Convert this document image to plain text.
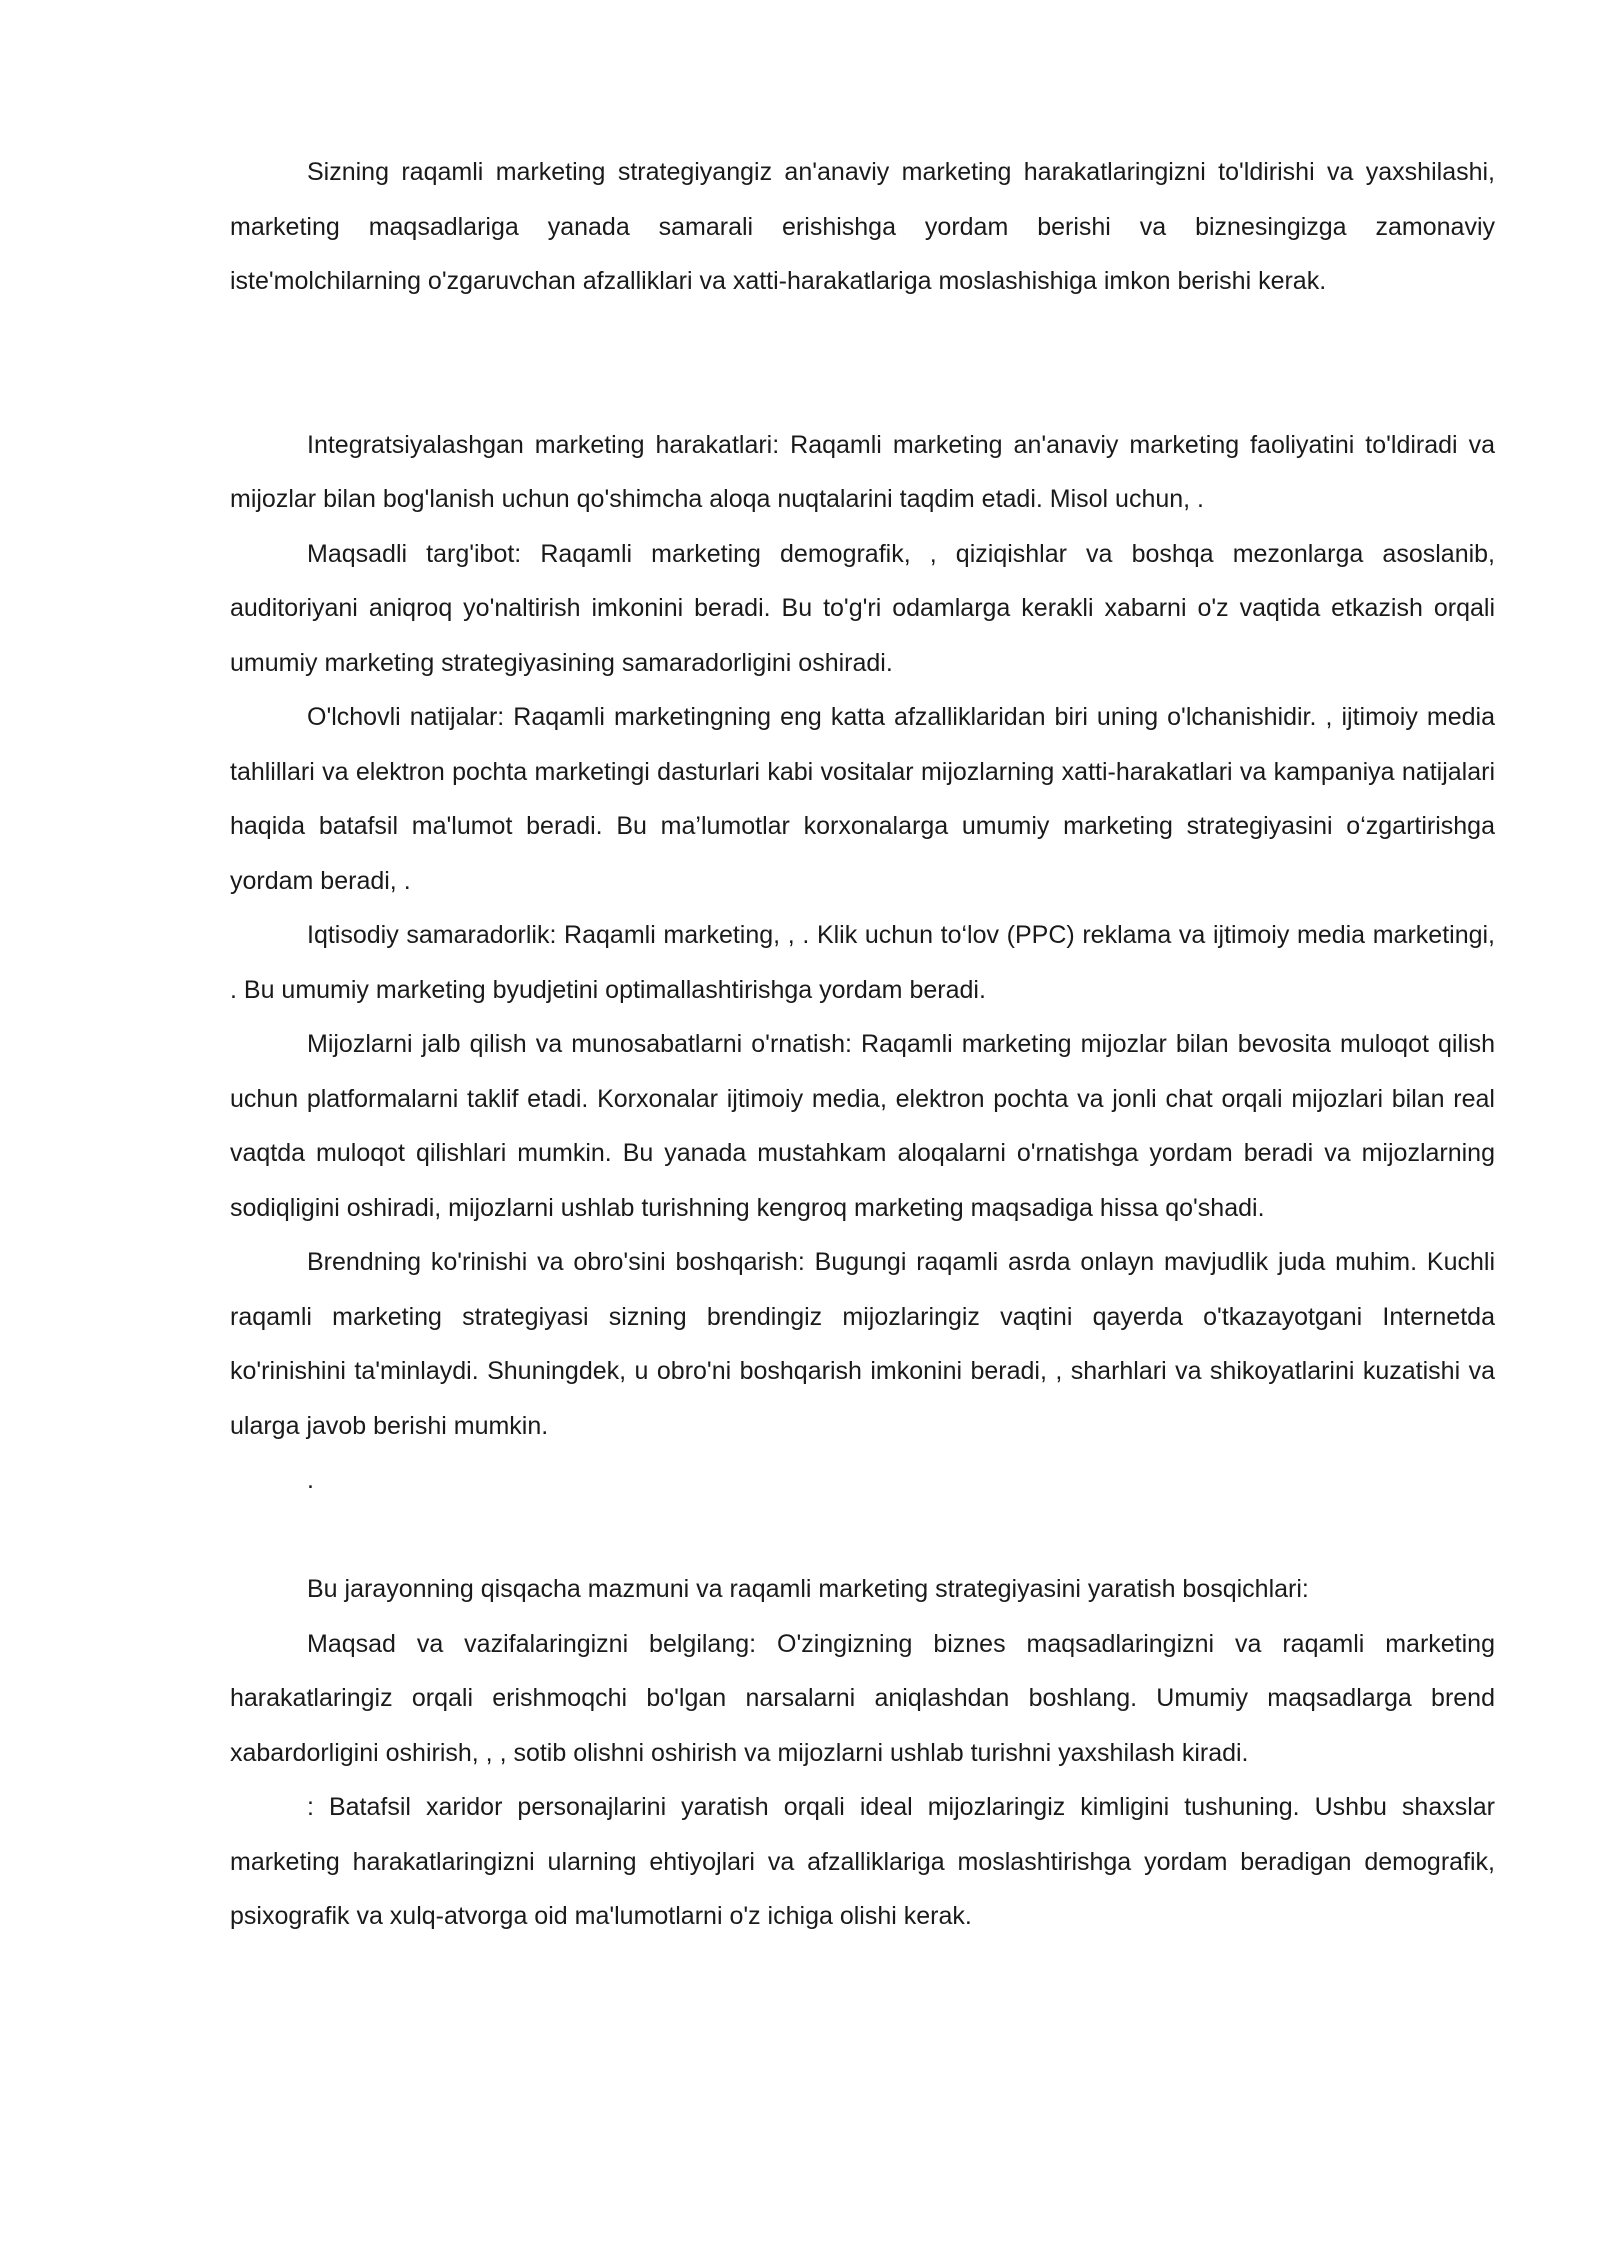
Sizning raqamli marketing strategiyangiz an'anaviy marketing harakatlaringizni to'ldirishi va yaxshilashi, marketing maqsadlariga yanada samarali erishishga yordam berishi va biznesingizga zamonaviy iste'molchilarning o'zgaruvchan afzalliklari va xatti-harakatlariga moslashishiga imkon berishi kerak.

Integratsiyalashgan marketing harakatlari: Raqamli marketing an'anaviy marketing faoliyatini to'ldiradi va mijozlar bilan bog'lanish uchun qo'shimcha aloqa nuqtalarini taqdim etadi. Misol uchun, .

Maqsadli targ'ibot: Raqamli marketing demografik, , qiziqishlar va boshqa mezonlarga asoslanib, auditoriyani aniqroq yo'naltirish imkonini beradi. Bu to'g'ri odamlarga kerakli xabarni o'z vaqtida etkazish orqali umumiy marketing strategiyasining samaradorligini oshiradi.

O'lchovli natijalar: Raqamli marketingning eng katta afzalliklaridan biri uning o'lchanishidir. , ijtimoiy media tahlillari va elektron pochta marketingi dasturlari kabi vositalar mijozlarning xatti-harakatlari va kampaniya natijalari haqida batafsil ma'lumot beradi. Bu ma’lumotlar korxonalarga umumiy marketing strategiyasini o‘zgartirishga yordam beradi, .

Iqtisodiy samaradorlik: Raqamli marketing, , . Klik uchun to‘lov (PPC) reklama va ijtimoiy media marketingi, . Bu umumiy marketing byudjetini optimallashtirishga yordam beradi.

Mijozlarni jalb qilish va munosabatlarni o'rnatish: Raqamli marketing mijozlar bilan bevosita muloqot qilish uchun platformalarni taklif etadi. Korxonalar ijtimoiy media, elektron pochta va jonli chat orqali mijozlari bilan real vaqtda muloqot qilishlari mumkin. Bu yanada mustahkam aloqalarni o'rnatishga yordam beradi va mijozlarning sodiqligini oshiradi, mijozlarni ushlab turishning kengroq marketing maqsadiga hissa qo'shadi.

Brendning ko'rinishi va obro'sini boshqarish: Bugungi raqamli asrda onlayn mavjudlik juda muhim. Kuchli raqamli marketing strategiyasi sizning brendingiz mijozlaringiz vaqtini qayerda o'tkazayotgani Internetda ko'rinishini ta'minlaydi. Shuningdek, u obro'ni boshqarish imkonini beradi, , sharhlari va shikoyatlarini kuzatishi va ularga javob berishi mumkin.

.

Bu jarayonning qisqacha mazmuni va raqamli marketing strategiyasini yaratish bosqichlari:

Maqsad va vazifalaringizni belgilang: O'zingizning biznes maqsadlaringizni va raqamli marketing harakatlaringiz orqali erishmoqchi bo'lgan narsalarni aniqlashdan boshlang. Umumiy maqsadlarga brend xabardorligini oshirish, , , sotib olishni oshirish va mijozlarni ushlab turishni yaxshilash kiradi.

: Batafsil xaridor personajlarini yaratish orqali ideal mijozlaringiz kimligini tushuning. Ushbu shaxslar marketing harakatlaringizni ularning ehtiyojlari va afzalliklariga moslashtirishga yordam beradigan demografik, psixografik va xulq-atvorga oid ma'lumotlarni o'z ichiga olishi kerak.
